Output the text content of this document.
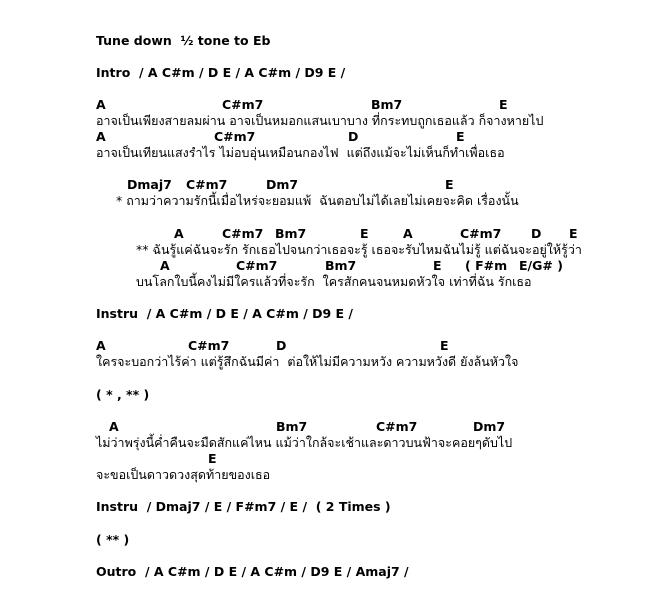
Tune down  ½ tone to Eb
Intro  / A C#m / D E / A C#m / D9 E /

A

	C#m7

	Bm7

	E

อาจเป็นเพียงสายลมผ่าน อาจเป็นหมอกแสนเบาบาง ที่กระทบถูกเธอแล้ว ก็จางหายไป

A

	C#m7

	D

	E

อาจเป็นเทียนแสงรำไร ไม่อบอุ่นเหมือนกองไฟ  แต่ถึงแม้จะไม่เห็นก็ทำเพื่อเธอ

Dmaj7

C#m7

	Dm7

	E

* ถามว่าความรักนี้เมื่อไหร่จะยอมแพ้  ฉันตอบไม่ได้เลยไม่เคยจะคิด เรื่องนั้น

A

	C#m7

Bm7

	E

	A

	C#m7

D

E

** ฉันรู้แค่ฉันจะรัก รักเธอไปจนกว่าเธอจะรู้ เธอจะรับไหมฉันไม่รู้ แต่ฉันจะอยู่ให้รู้ว่า

A

	C#m7

	Bm7

	E

( F#m

E/G# )

บนโลกใบนี้คงไม่มีใครแล้วที่จะรัก  ใครสักคนจนหมดหัวใจ เท่าที่ฉัน รักเธอ
Instru  / A C#m / D E / A C#m / D9 E /

A

	C#m7

	D

	E

ใครจะบอกว่าไร้ค่า แต่รู้สึกฉันมีค่า  ต่อให้ไม่มีความหวัง ความหวังดี ยังล้นหัวใจ
( * , ** )

A

	Bm7

	C#m7

	Dm7

ไม่ว่าพรุ่งนี้ค่ำคืนจะมืดสักแค่ไหน แม้ว่าใกล้จะเช้าและดาวบนฟ้าจะคอยๆดับไป

E

จะขอเป็นดาวดวงสุดท้ายของเธอ
Instru  / Dmaj7 / E / F#m7 / E /  ( 2 Times )
( ** )
Outro  / A C#m / D E / A C#m / D9 E / Amaj7 /
